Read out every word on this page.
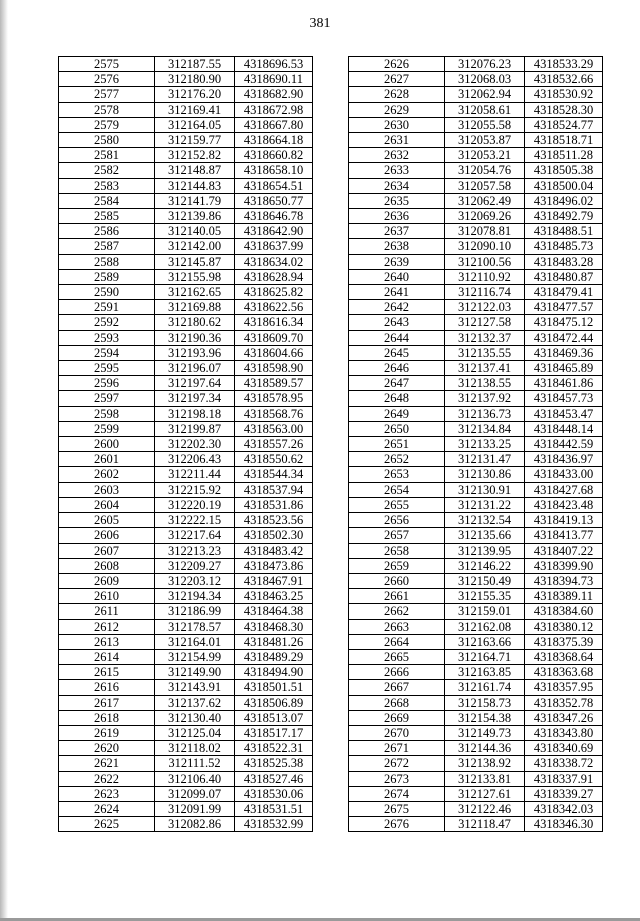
381
2575	312187.55	4318696.53
2576	312180.90	4318690.11
2577	312176.20	4318682.90
2578	312169.41	4318672.98
2579	312164.05	4318667.80
2580	312159.77	4318664.18
2581	312152.82	4318660.82
2582	312148.87	4318658.10
2583	312144.83	4318654.51
2584	312141.79	4318650.77
2585	312139.86	4318646.78
2586	312140.05	4318642.90
2587	312142.00	4318637.99
2588	312145.87	4318634.02
2589	312155.98	4318628.94
2590	312162.65	4318625.82
2591	312169.88	4318622.56
2592	312180.62	4318616.34
2593	312190.36	4318609.70
2594	312193.96	4318604.66
2595	312196.07	4318598.90
2596	312197.64	4318589.57
2597	312197.34	4318578.95
2598	312198.18	4318568.76
2599	312199.87	4318563.00
2600	312202.30	4318557.26
2601	312206.43	4318550.62
2602	312211.44	4318544.34
2603	312215.92	4318537.94
2604	312220.19	4318531.86
2605	312222.15	4318523.56
2606	312217.64	4318502.30
2607	312213.23	4318483.42
2608	312209.27	4318473.86
2609	312203.12	4318467.91
2610	312194.34	4318463.25
2611	312186.99	4318464.38
2612	312178.57	4318468.30
2613	312164.01	4318481.26
2614	312154.99	4318489.29
2615	312149.90	4318494.90
2616	312143.91	4318501.51
2617	312137.62	4318506.89
2618	312130.40	4318513.07
2619	312125.04	4318517.17
2620	312118.02	4318522.31
2621	312111.52	4318525.38
2622	312106.40	4318527.46
2623	312099.07	4318530.06
2624	312091.99	4318531.51
2625	312082.86	4318532.99
2626	312076.23	4318533.29
2627	312068.03	4318532.66
2628	312062.94	4318530.92
2629	312058.61	4318528.30
2630	312055.58	4318524.77
2631	312053.87	4318518.71
2632	312053.21	4318511.28
2633	312054.76	4318505.38
2634	312057.58	4318500.04
2635	312062.49	4318496.02
2636	312069.26	4318492.79
2637	312078.81	4318488.51
2638	312090.10	4318485.73
2639	312100.56	4318483.28
2640	312110.92	4318480.87
2641	312116.74	4318479.41
2642	312122.03	4318477.57
2643	312127.58	4318475.12
2644	312132.37	4318472.44
2645	312135.55	4318469.36
2646	312137.41	4318465.89
2647	312138.55	4318461.86
2648	312137.92	4318457.73
2649	312136.73	4318453.47
2650	312134.84	4318448.14
2651	312133.25	4318442.59
2652	312131.47	4318436.97
2653	312130.86	4318433.00
2654	312130.91	4318427.68
2655	312131.22	4318423.48
2656	312132.54	4318419.13
2657	312135.66	4318413.77
2658	312139.95	4318407.22
2659	312146.22	4318399.90
2660	312150.49	4318394.73
2661	312155.35	4318389.11
2662	312159.01	4318384.60
2663	312162.08	4318380.12
2664	312163.66	4318375.39
2665	312164.71	4318368.64
2666	312163.85	4318363.68
2667	312161.74	4318357.95
2668	312158.73	4318352.78
2669	312154.38	4318347.26
2670	312149.73	4318343.80
2671	312144.36	4318340.69
2672	312138.92	4318338.72
2673	312133.81	4318337.91
2674	312127.61	4318339.27
2675	312122.46	4318342.03
2676	312118.47	4318346.30
